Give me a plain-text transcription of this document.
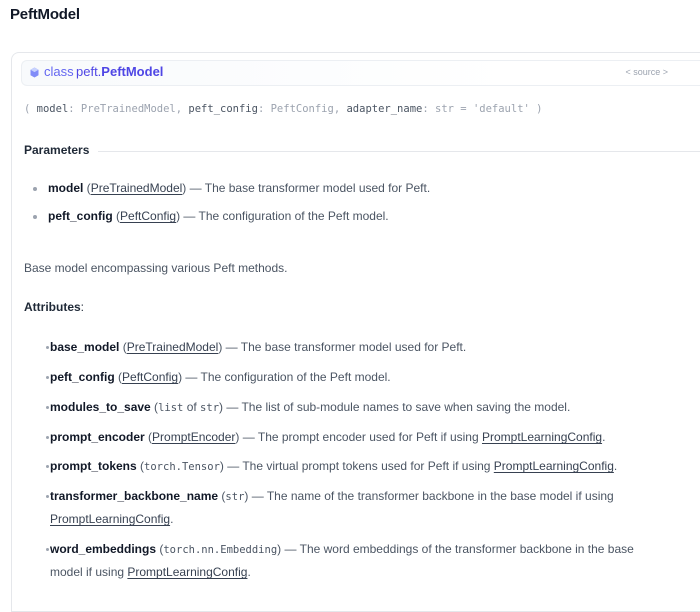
PeftModel
class peft.PeftModel	< source >
( model: PreTrainedModel, peft_config: PeftConfig, adapter_name: str = 'default' )
Parameters
model (PreTrainedModel) — The base transformer model used for Peft.
peft_config (PeftConfig) — The configuration of the Peft model.
Base model encompassing various Peft methods.
Attributes:
base_model (PreTrainedModel) — The base transformer model used for Peft.
peft_config (PeftConfig) — The configuration of the Peft model.
modules_to_save (list of str) — The list of sub-module names to save when saving the model.
prompt_encoder (PromptEncoder) — The prompt encoder used for Peft if using PromptLearningConfig.
prompt_tokens (torch.Tensor) — The virtual prompt tokens used for Peft if using PromptLearningConfig.
transformer_backbone_name (str) — The name of the transformer backbone in the base model if using
PromptLearningConfig.
word_embeddings (torch.nn.Embedding) — The word embeddings of the transformer backbone in the base
model if using PromptLearningConfig.
